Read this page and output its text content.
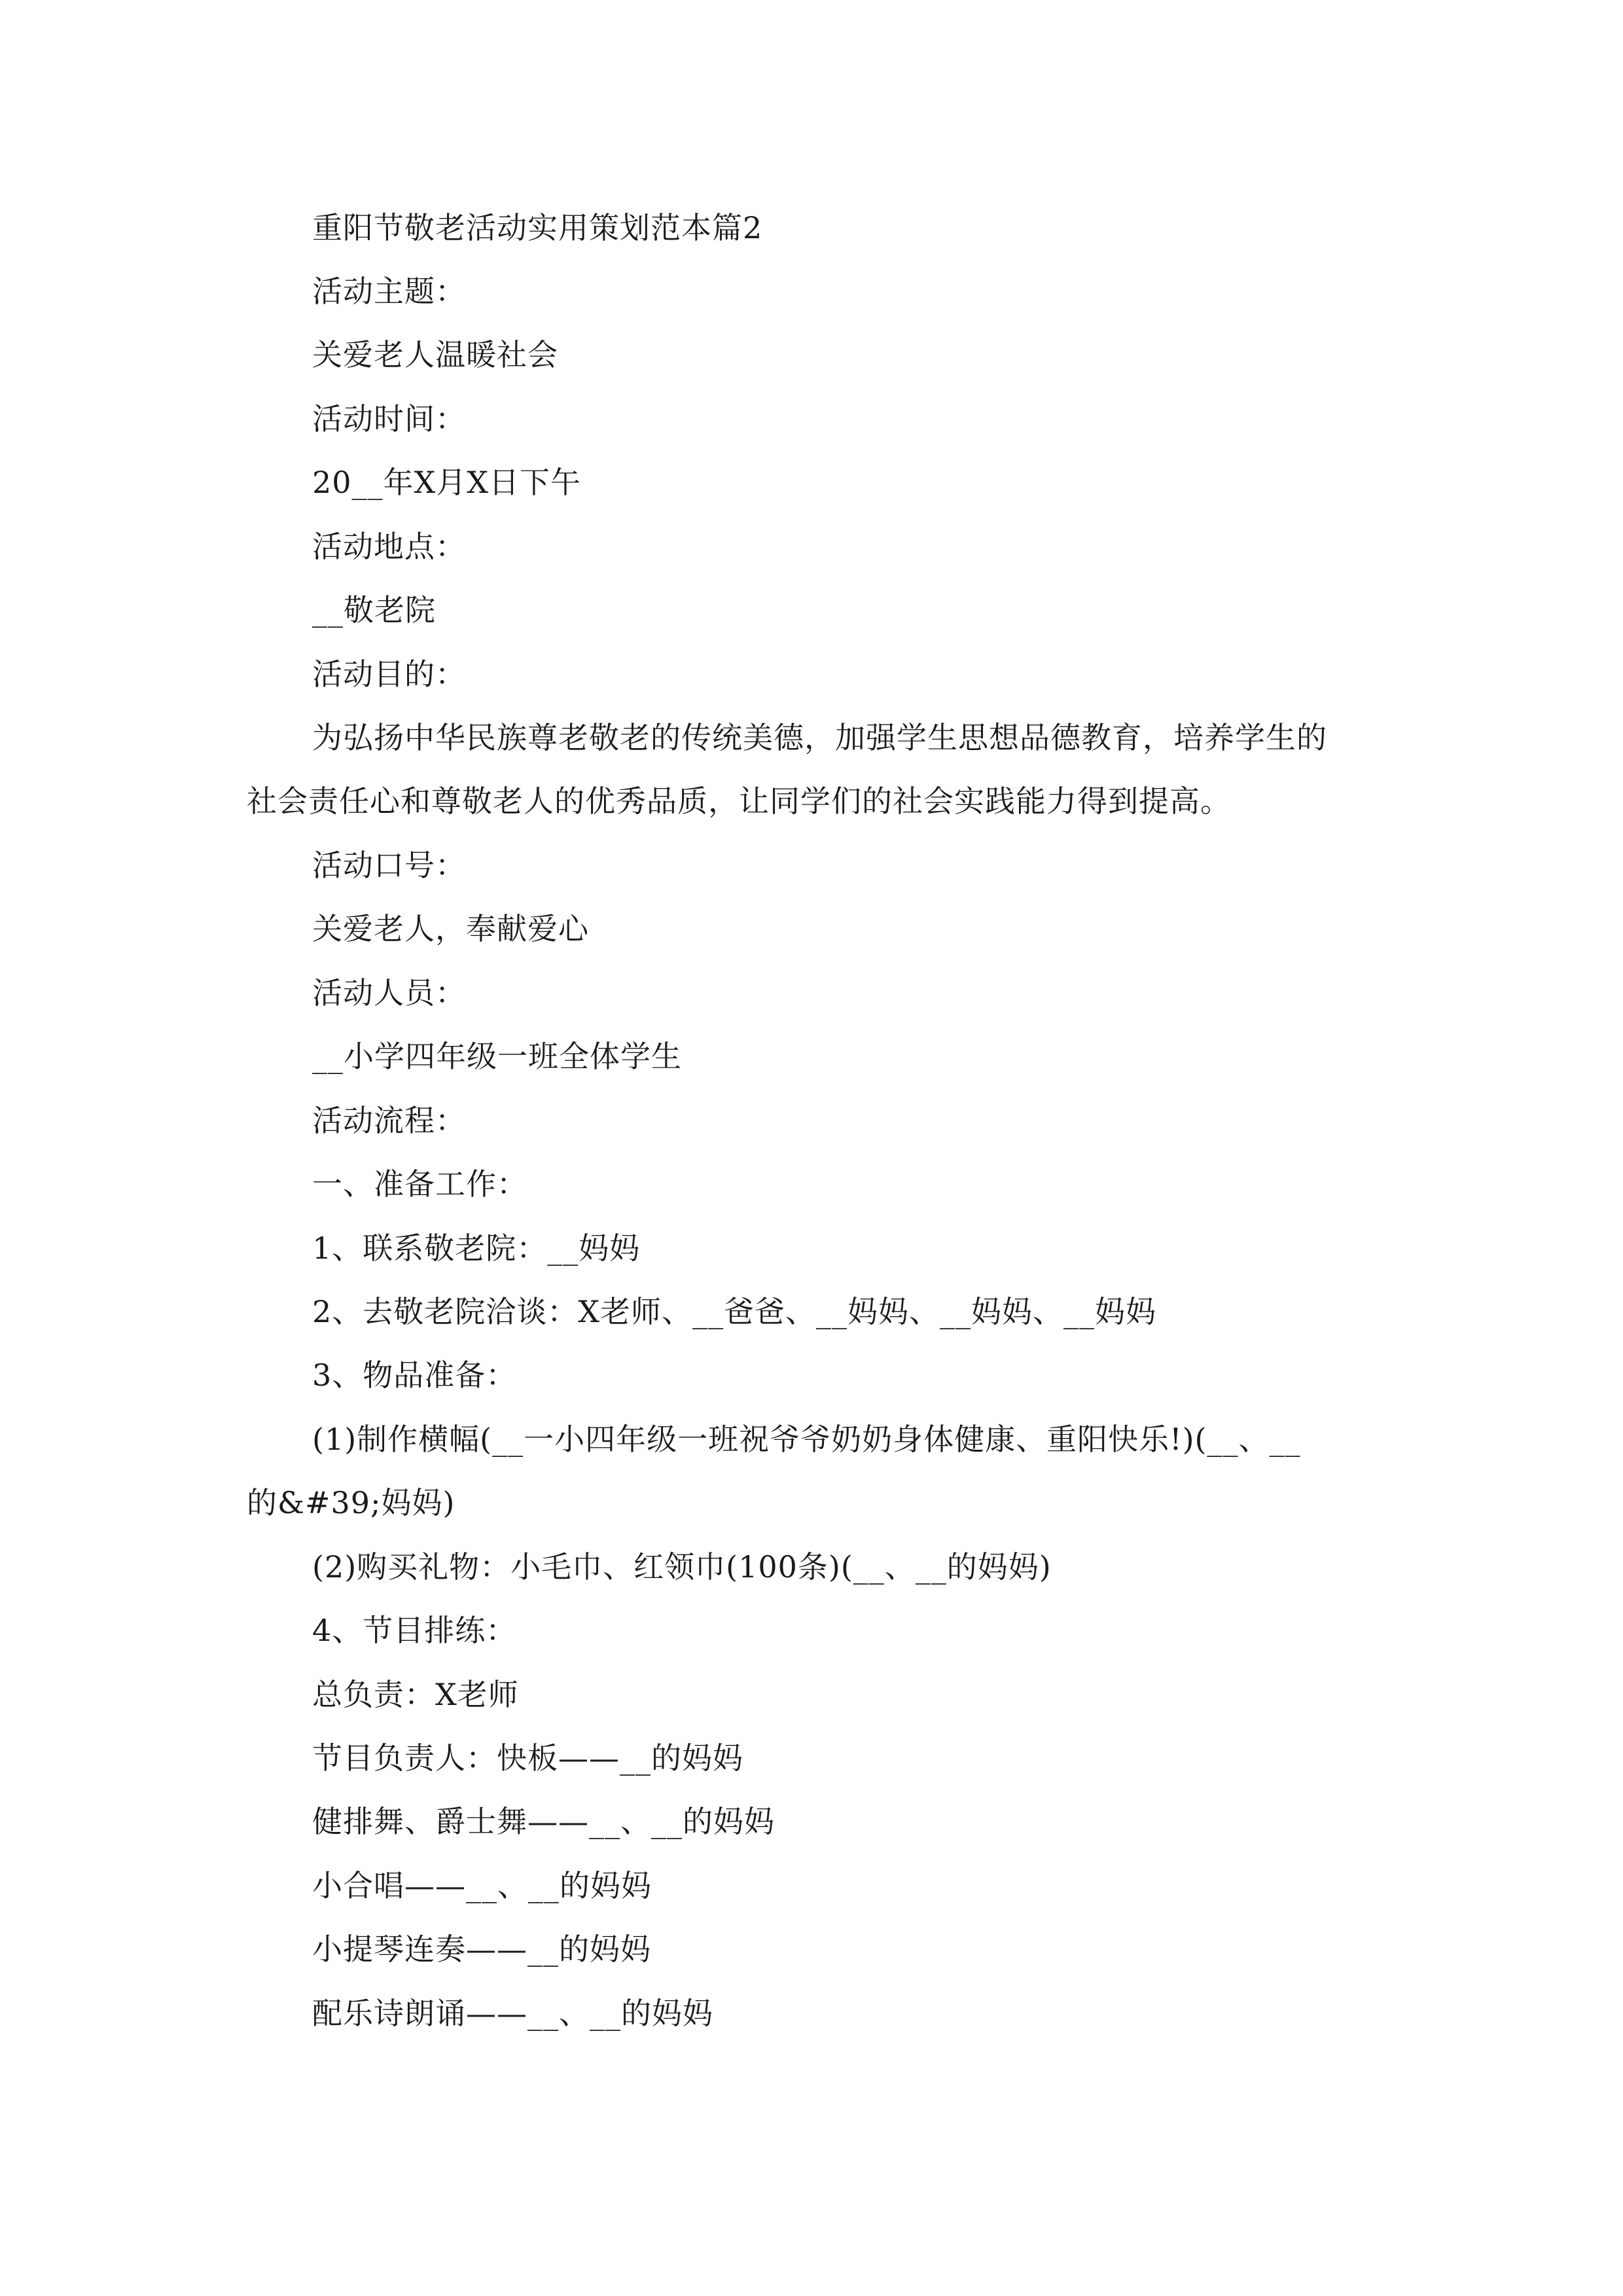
重阳节敬老活动实用策划范本篇2
活动主题：
关爱老人温暖社会
活动时间：
20__年X月X日下午
活动地点：
__敬老院
活动目的：
为弘扬中华民族尊老敬老的传统美德，加强学生思想品德教育，培养学生的
社会责任心和尊敬老人的优秀品质，让同学们的社会实践能力得到提高。
活动口号：
关爱老人，奉献爱心
活动人员：
__小学四年级一班全体学生
活动流程：
一、准备工作：
1、联系敬老院：__妈妈
2、去敬老院洽谈：X老师、__爸爸、__妈妈、__妈妈、__妈妈
3、物品准备：
(1)制作横幅(__一小四年级一班祝爷爷奶奶身体健康、重阳快乐!)(__、__
的&#39;妈妈)
(2)购买礼物：小毛巾、红领巾(100条)(__、__的妈妈)
4、节目排练：
总负责：X老师
节目负责人：快板——__的妈妈
健排舞、爵士舞——__、__的妈妈
小合唱——__、__的妈妈
小提琴连奏——__的妈妈
配乐诗朗诵——__、__的妈妈
